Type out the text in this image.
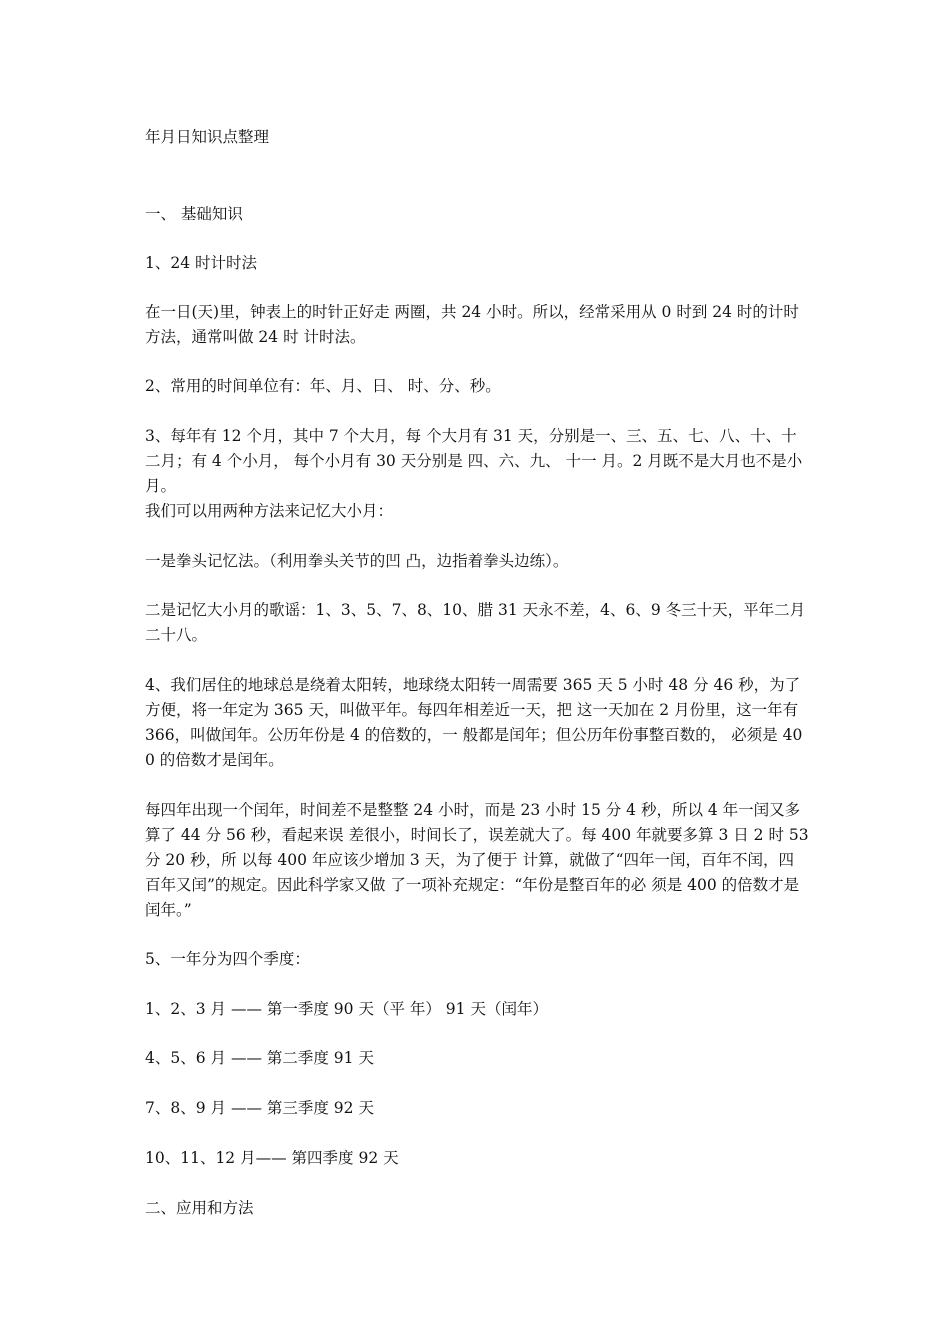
年月日知识点整理

一、 基础知识

1、24 时计时法

在一日(天)里，钟表上的时针正好走 两圈，共 24 小时。所以，经常采用从 0 时到 24 时的计时方法，通常叫做 24 时 计时法。

2、常用的时间单位有：年、月、日、 时、分、秒。

3、每年有 12 个月，其中 7 个大月，每 个大月有 31 天，分别是一、三、五、七、八、十、十二月；有 4 个小月， 每个小月有 30 天分别是 四、六、九、 十一 月。2 月既不是大月也不是小月。

我们可以用两种方法来记忆大小月：

一是拳头记忆法。（利用拳头关节的凹 凸，边指着拳头边练）。

二是记忆大小月的歌谣：1、3、5、7、8、10、腊 31 天永不差，4、6、9 冬三十天，平年二月二十八。

4、我们居住的地球总是绕着太阳转，地球绕太阳转一周需要 365 天 5 小时 48 分 46 秒，为了方便，将一年定为 365 天，叫做平年。每四年相差近一天，把 这一天加在 2 月份里，这一年有 366，叫做闰年。公历年份是 4 的倍数的，一 般都是闰年；但公历年份事整百数的， 必须是 400 的倍数才是闰年。

每四年出现一个闰年，时间差不是整整 24 小时，而是 23 小时 15 分 4 秒，所以 4 年一闰又多算了 44 分 56 秒，看起来误 差很小，时间长了，误差就大了。每 400 年就要多算 3 日 2 时 53 分 20 秒，所 以每 400 年应该少增加 3 天，为了便于 计算，就做了“四年一闰，百年不闰，四百年又闰”的规定。因此科学家又做 了一项补充规定：“年份是整百年的必 须是 400 的倍数才是闰年。”

5、一年分为四个季度：

1、2、3 月 —— 第一季度 90 天（平 年） 91 天（闰年）

4、5、6 月 —— 第二季度 91 天

7、8、9 月 —— 第三季度 92 天

10、11、12 月—— 第四季度 92 天

二、应用和方法
